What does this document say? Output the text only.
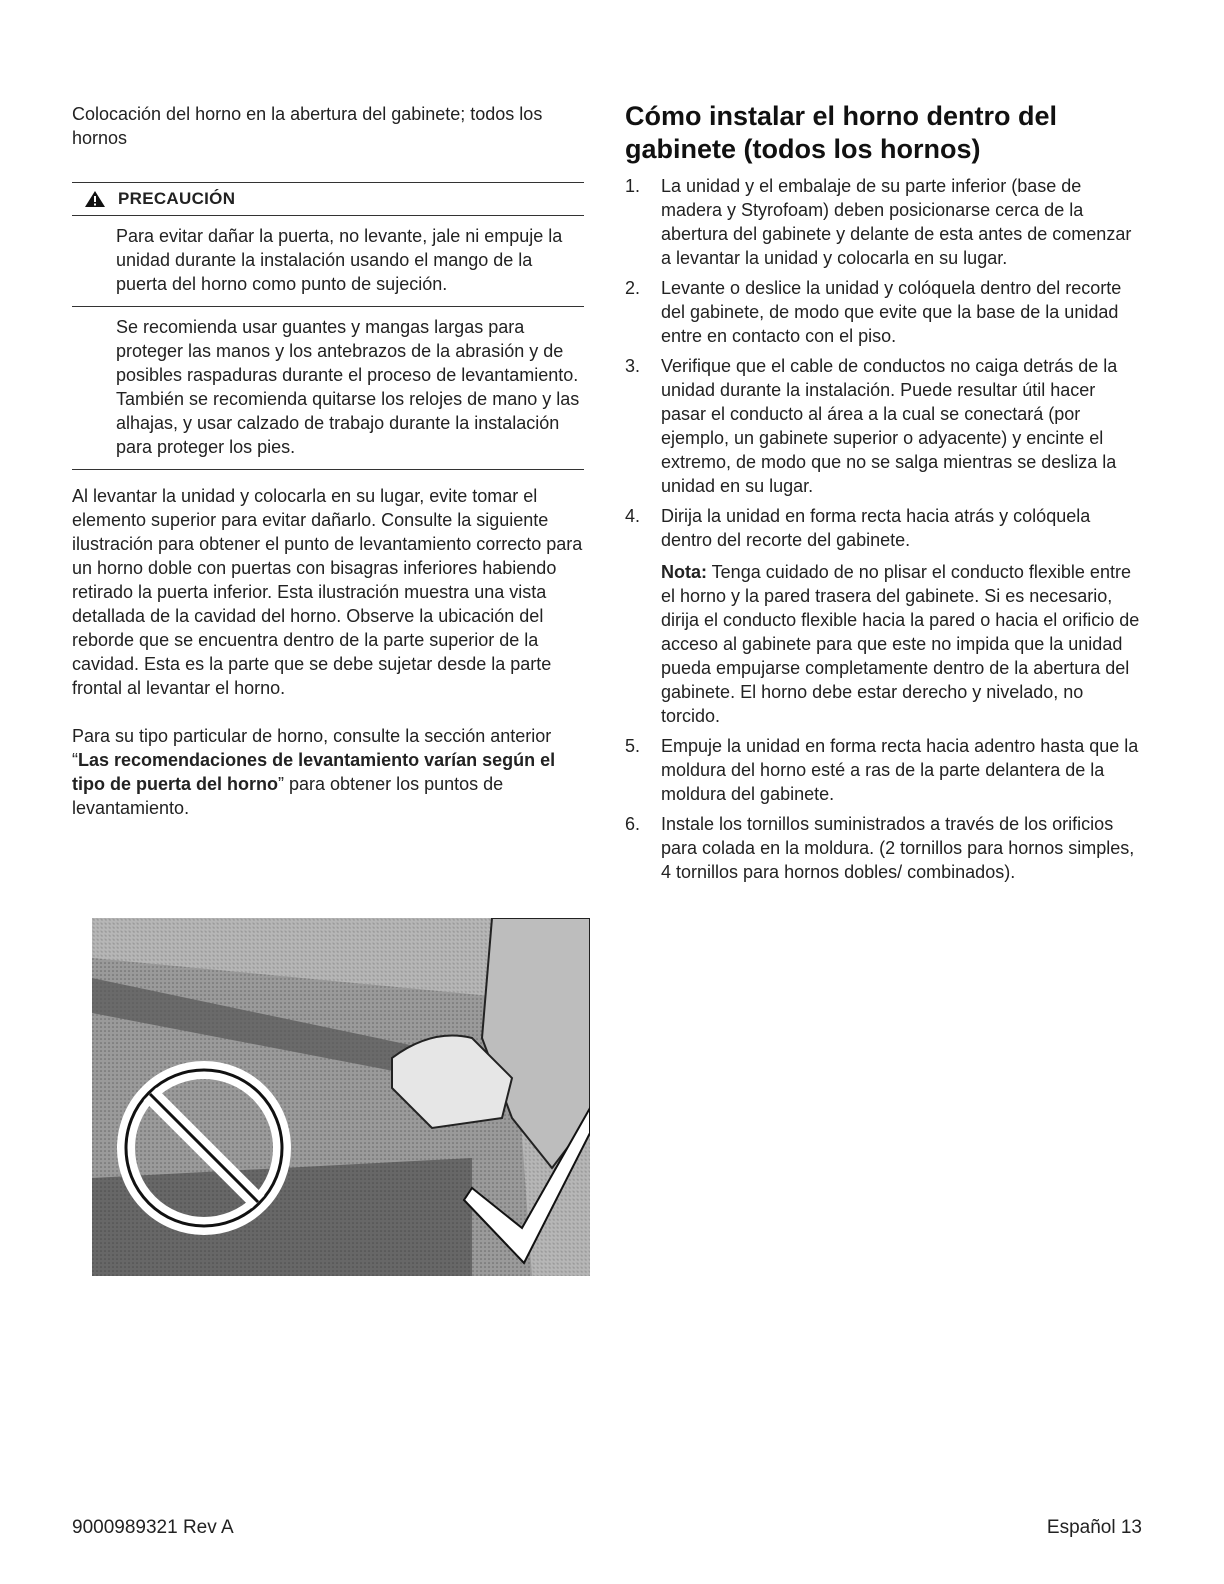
Colocación del horno en la abertura del gabinete; todos los hornos

PRECAUCIÓN

Para evitar dañar la puerta, no levante, jale ni empuje la unidad durante la instalación usando el mango de la puerta del horno como punto de sujeción.

Se recomienda usar guantes y mangas largas para proteger las manos y los antebrazos de la abrasión y de posibles raspaduras durante el proceso de levantamiento. También se recomienda quitarse los relojes de mano y las alhajas, y usar calzado de trabajo durante la instalación para proteger los pies.

Al levantar la unidad y colocarla en su lugar, evite tomar el elemento superior para evitar dañarlo. Consulte la siguiente ilustración para obtener el punto de levantamiento correcto para un horno doble con puertas con bisagras inferiores habiendo retirado la puerta inferior. Esta ilustración muestra una vista detallada de la cavidad del horno. Observe la ubicación del reborde que se encuentra dentro de la parte superior de la cavidad. Esta es la parte que se debe sujetar desde la parte frontal al levantar el horno.

Para su tipo particular de horno, consulte la sección anterior “Las recomendaciones de levantamiento varían según el tipo de puerta del horno” para obtener los puntos de levantamiento.

Cómo instalar el horno dentro del gabinete (todos los hornos)
1.	La unidad y el embalaje de su parte inferior (base de madera y Styrofoam) deben posicionarse cerca de la abertura del gabinete y delante de esta antes de comenzar a levantar la unidad y colocarla en su lugar.

2.	Levante o deslice la unidad y colóquela dentro del recorte del gabinete, de modo que evite que la base de la unidad entre en contacto con el piso.

3.	Verifique que el cable de conductos no caiga detrás de la unidad durante la instalación. Puede resultar útil hacer pasar el conducto al área a la cual se conectará (por ejemplo, un gabinete superior o adyacente) y encinte el extremo, de modo que no se salga mientras se desliza la unidad en su lugar.

4.	Dirija la unidad en forma recta hacia atrás y colóquela dentro del recorte del gabinete.

Nota: Tenga cuidado de no plisar el conducto flexible entre el horno y la pared trasera del gabinete. Si es necesario, dirija el conducto flexible hacia la pared o hacia el orificio de acceso al gabinete para que este no impida que la unidad pueda empujarse completamente dentro de la abertura del gabinete. El horno debe estar derecho y nivelado, no torcido.

5.	Empuje la unidad en forma recta hacia adentro hasta que la moldura del horno esté a ras de la parte delantera de la moldura del gabinete.

6.	Instale los tornillos suministrados a través de los orificios para colada en la moldura. (2 tornillos para hornos simples, 4 tornillos para hornos dobles/ combinados).

9000989321 Rev A	Español 13
